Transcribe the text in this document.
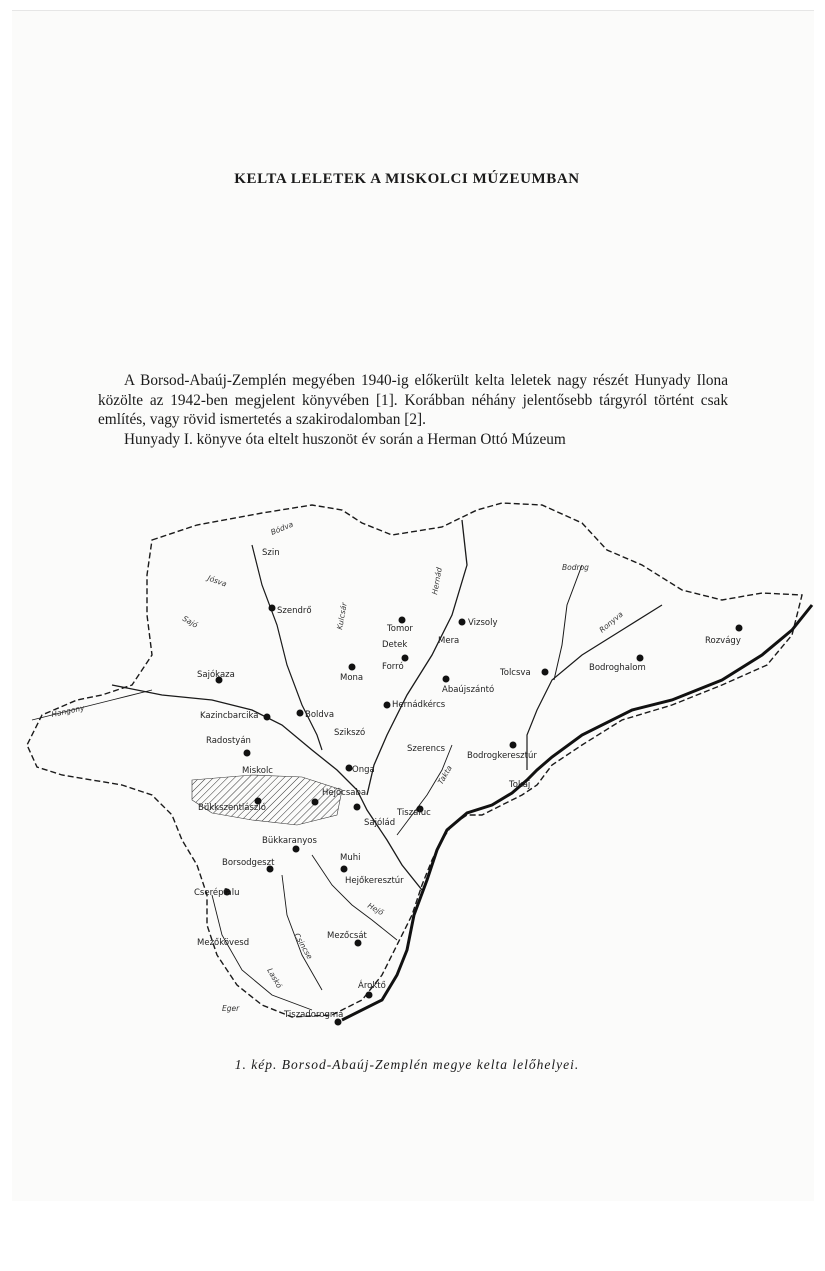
KELTA LELETEK A MISKOLCI MÚZEUMBAN

A Borsod-Abaúj-Zemplén megyében 1940-ig előkerült kelta leletek nagy részét Hunyady Ilona közölte az 1942-ben megjelent könyvében [1]. Korábban néhány jelentősebb tárgyról történt csak említés, vagy rövid ismertetés a szakirodalomban [2].

Hunyady I. könyve óta eltelt huszonöt év során a Herman Ottó Múzeum

Szin
Szendrő
Sajókaza
Kazincbarcika	Boldva
Radostyán
Szikszó
Miskolc
Bükkszentlászló
Hejőcsaba
Onga
Sajólád
Tiszaluc
Bükkaranyos
Muhi
Borsodgeszt
Cserépfalu
Hejőkeresztúr
Mezőcsát
Mezőkövesd
Ároktő
Tiszadorogma
Tomor
Detek
Forró
Mona
Hernádkércs
Abaújszántó
Mera
Vizsoly
Szerencs
Bodrogkeresztúr
Tokaj
Tolcsva	Bodroghalom
Rozvágy
Bódva
Sajó
Hernád	Bodrog
Ronyva
Jósva
Hangony
Takta
Hejő
Laskó
Kulcsár
Csincse
Eger
1. kép. Borsod-Abaúj-Zemplén megye kelta lelőhelyei.
